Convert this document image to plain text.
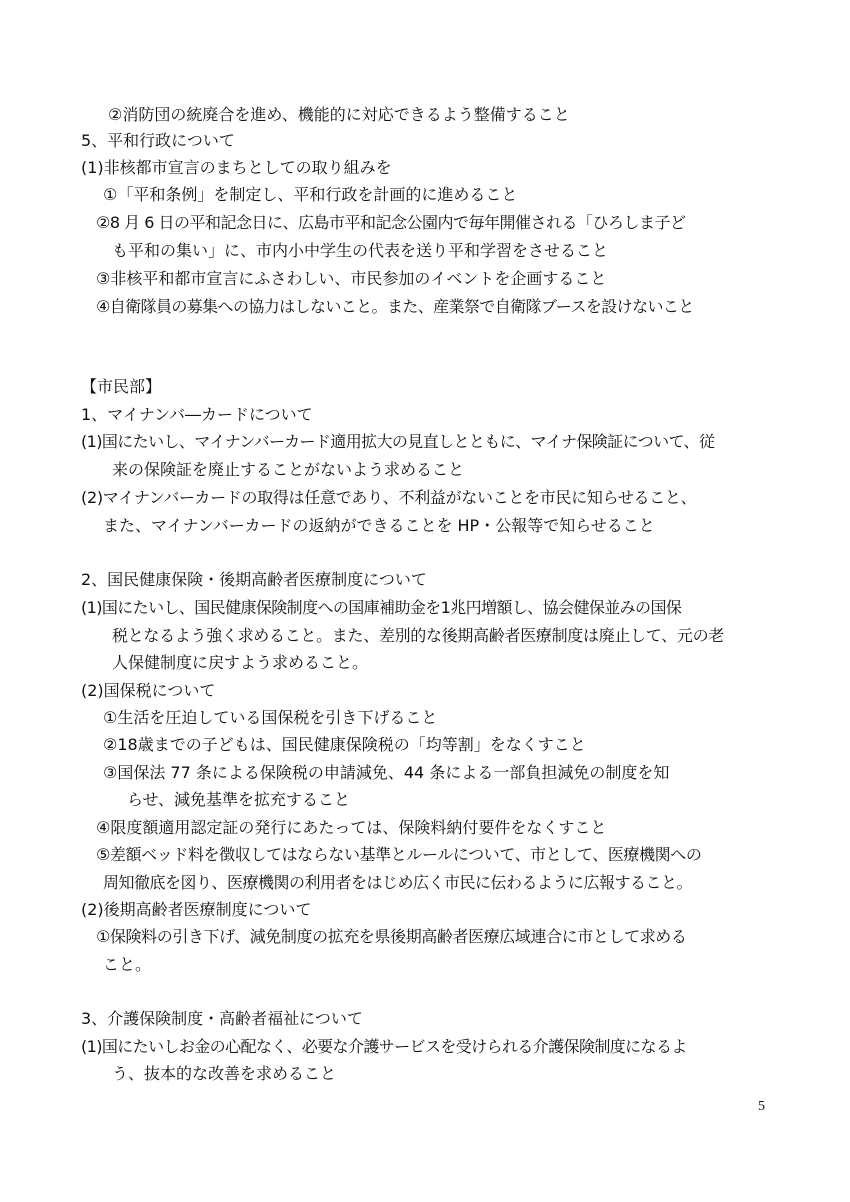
②消防団の統廃合を進め、機能的に対応できるよう整備すること
5、平和行政について
(1)非核都市宣言のまちとしての取り組みを
①「平和条例」を制定し、平和行政を計画的に進めること
②8 月 6 日の平和記念日に、広島市平和記念公園内で毎年開催される「ひろしま子ど
も平和の集い」に、市内小中学生の代表を送り平和学習をさせること
③非核平和都市宣言にふさわしい、市民参加のイベントを企画すること
④自衛隊員の募集への協力はしないこと。また、産業祭で自衛隊ブースを設けないこと
【市民部】
1、マイナンバ―カードについて
(1)国にたいし、マイナンバーカード適用拡大の見直しとともに、マイナ保険証について、従
来の保険証を廃止することがないよう求めること
(2)マイナンバーカードの取得は任意であり、不利益がないことを市民に知らせること、
また、マイナンバーカードの返納ができることを HP・公報等で知らせること
2、国民健康保険・後期高齢者医療制度について
(1)国にたいし、国民健康保険制度への国庫補助金を1兆円増額し、協会健保並みの国保
税となるよう強く求めること。また、差別的な後期高齢者医療制度は廃止して、元の老
人保健制度に戻すよう求めること。
(2)国保税について
①生活を圧迫している国保税を引き下げること
②18歳までの子どもは、国民健康保険税の「均等割」をなくすこと
③国保法 77 条による保険税の申請減免、44 条による一部負担減免の制度を知
らせ、減免基準を拡充すること
④限度額適用認定証の発行にあたっては、保険料納付要件をなくすこと
⑤差額ベッド料を徴収してはならない基準とルールについて、市として、医療機関への
周知徹底を図り、医療機関の利用者をはじめ広く市民に伝わるように広報すること。
(2)後期高齢者医療制度について
①保険料の引き下げ、減免制度の拡充を県後期高齢者医療広域連合に市として求める
こと。
3、介護保険制度・高齢者福祉について
(1)国にたいしお金の心配なく、必要な介護サービスを受けられる介護保険制度になるよ
う、抜本的な改善を求めること
5
